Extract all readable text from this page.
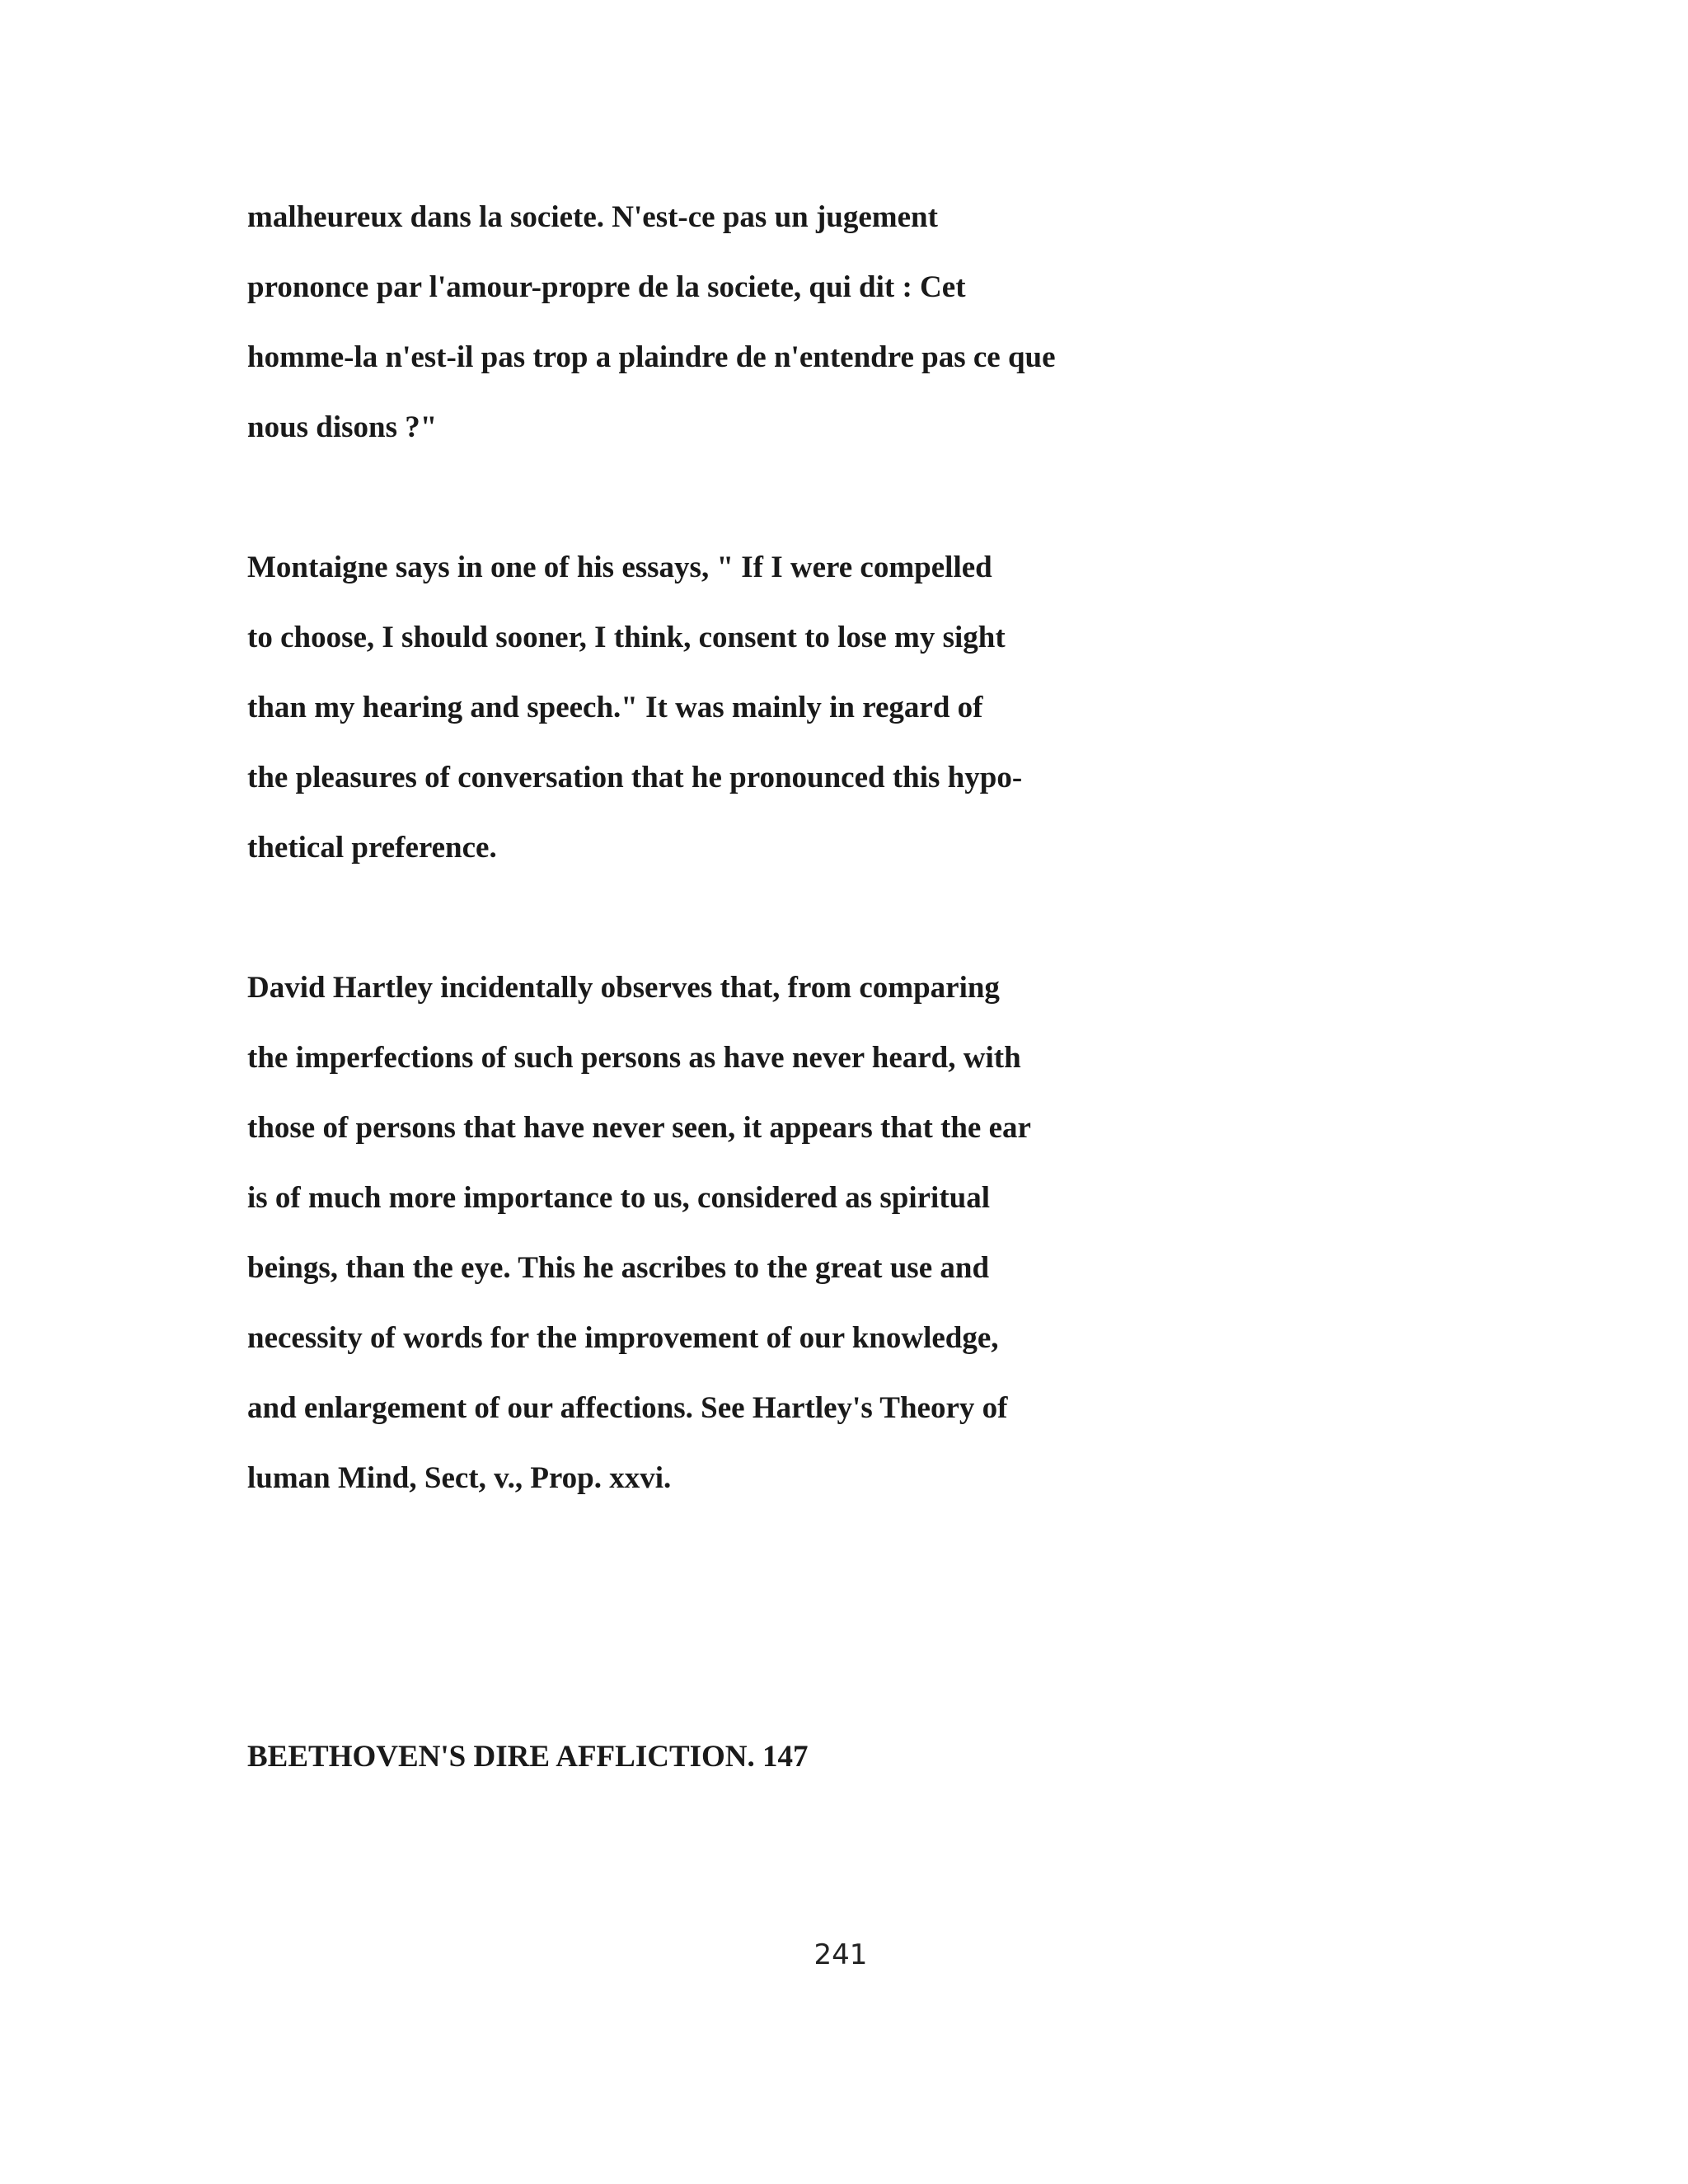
malheureux dans la societe. N'est-ce pas un jugement
prononce par l'amour-propre de la societe, qui dit : Cet
homme-la n'est-il pas trop a plaindre de n'entendre pas ce que
nous disons ?"
Montaigne says in one of his essays, " If I were compelled
to choose, I should sooner, I think, consent to lose my sight
than my hearing and speech." It was mainly in regard of
the pleasures of conversation that he pronounced this hypo-
thetical preference.
David Hartley incidentally observes that, from comparing
the imperfections of such persons as have never heard, with
those of persons that have never seen, it appears that the ear
is of much more importance to us, considered as spiritual
beings, than the eye. This he ascribes to the great use and
necessity of words for the improvement of our knowledge,
and enlargement of our affections. See Hartley's Theory of
luman Mind, Sect, v., Prop. xxvi.
BEETHOVEN'S DIRE AFFLICTION. 147
241
